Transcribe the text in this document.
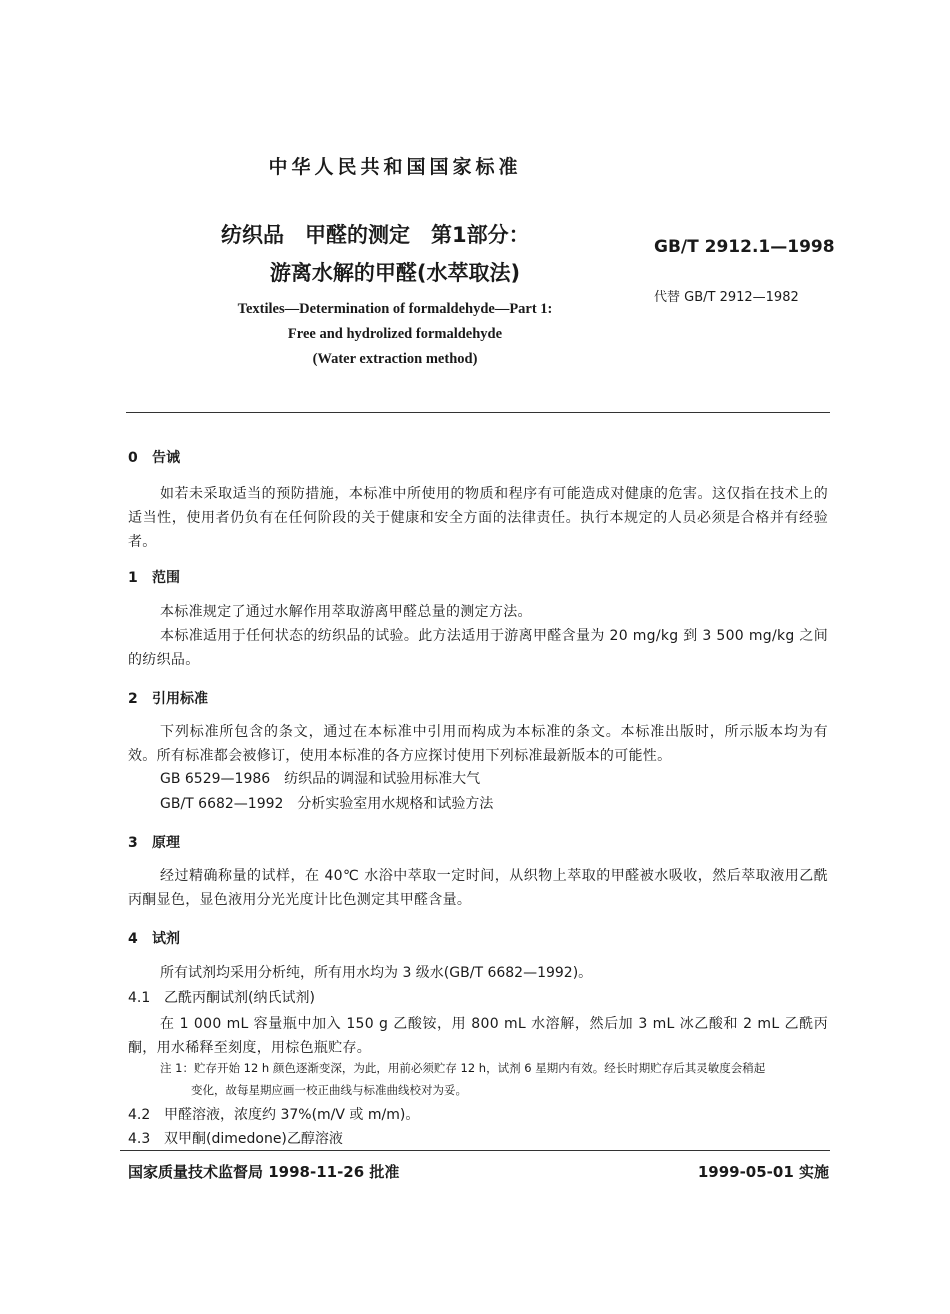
中华人民共和国国家标准
纺织品　甲醛的测定　第1部分：
游离水解的甲醛(水萃取法)
GB/T 2912.1—1998
代替 GB/T 2912—1982
Textiles—Determination of formaldehyde—Part 1:
Free and hydrolized formaldehyde
(Water extraction method)
0 告诫
如若未采取适当的预防措施，本标准中所使用的物质和程序有可能造成对健康的危害。这仅指在技术上的适当性，使用者仍负有在任何阶段的关于健康和安全方面的法律责任。执行本规定的人员必须是合格并有经验者。
1 范围
本标准规定了通过水解作用萃取游离甲醛总量的测定方法。
本标准适用于任何状态的纺织品的试验。此方法适用于游离甲醛含量为 20 mg/kg 到 3 500 mg/kg 之间的纺织品。
2 引用标准
下列标准所包含的条文，通过在本标准中引用而构成为本标准的条文。本标准出版时，所示版本均为有效。所有标准都会被修订，使用本标准的各方应探讨使用下列标准最新版本的可能性。
GB 6529—1986　纺织品的调湿和试验用标准大气
GB/T 6682—1992　分析实验室用水规格和试验方法
3 原理
经过精确称量的试样，在 40℃ 水浴中萃取一定时间，从织物上萃取的甲醛被水吸收，然后萃取液用乙酰丙酮显色，显色液用分光光度计比色测定其甲醛含量。
4 试剂
所有试剂均采用分析纯，所有用水均为 3 级水(GB/T 6682—1992)。
4.1 乙酰丙酮试剂(纳氏试剂)
在 1 000 mL 容量瓶中加入 150 g 乙酸铵，用 800 mL 水溶解，然后加 3 mL 冰乙酸和 2 mL 乙酰丙酮，用水稀释至刻度，用棕色瓶贮存。
注 1：贮存开始 12 h 颜色逐渐变深，为此，用前必须贮存 12 h，试剂 6 星期内有效。经长时期贮存后其灵敏度会稍起
变化，故每星期应画一校正曲线与标准曲线校对为妥。
4.2 甲醛溶液，浓度约 37%(m/V 或 m/m)。
4.3 双甲酮(dimedone)乙醇溶液
国家质量技术监督局 1998-11-26 批准	1999-05-01 实施
